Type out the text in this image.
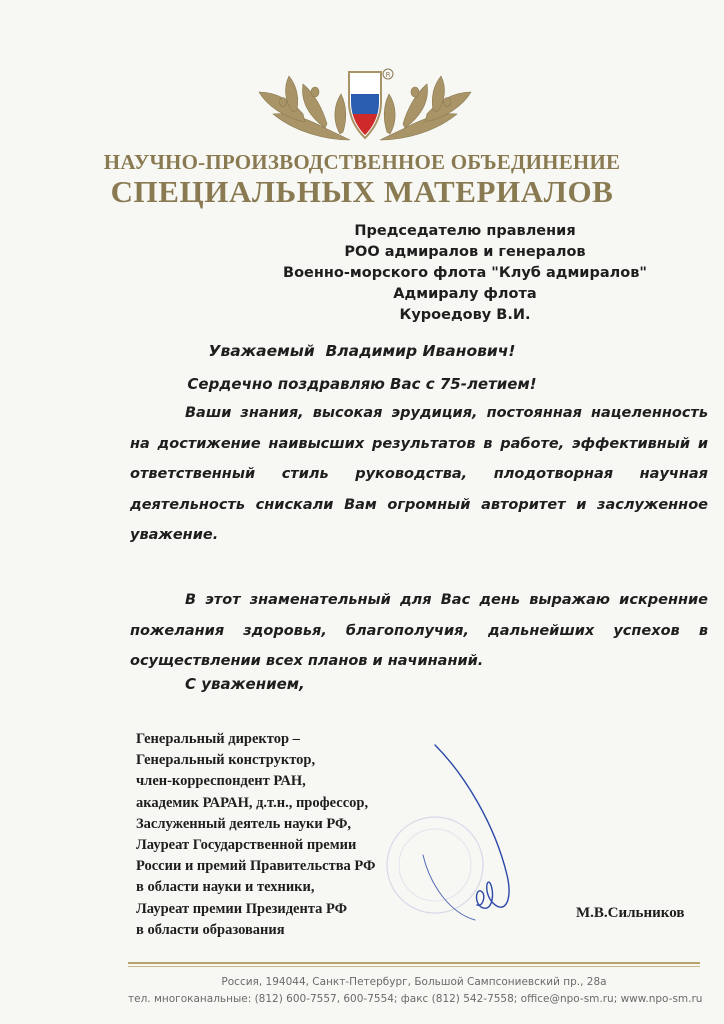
R
НАУЧНО-ПРОИЗВОДСТВЕННОЕ ОБЪЕДИНЕНИЕ
СПЕЦИАЛЬНЫХ МАТЕРИАЛОВ
Председателю правления
РОО адмиралов и генералов
Военно-морского флота "Клуб адмиралов"
Адмиралу флота
Куроедову В.И.
Уважаемый  Владимир Иванович!
Сердечно поздравляю Вас с 75-летием!

Ваши знания, высокая эрудиция, постоянная нацеленность на достижение наивысших результатов в работе, эффективный и ответственный стиль руководства, плодотворная научная деятельность снискали Вам огромный авторитет и заслуженное уважение.

В этот знаменательный для Вас день выражаю искренние пожелания здоровья, благополучия, дальнейших успехов в осуществлении всех планов и начинаний.

С уважением,
Генеральный директор –
Генеральный конструктор,
член-корреспондент РАН,
академик РАРАН, д.т.н., профессор,
Заслуженный деятель науки РФ,
Лауреат Государственной премии
России и премий Правительства РФ
в области науки и техники,
Лауреат премии Президента РФ
в области образования
М.В.Сильников
Россия, 194044, Санкт-Петербург, Большой Сампсониевский пр., 28а
тел. многоканальные: (812) 600-7557, 600-7554; факс (812) 542-7558; office@npo-sm.ru; www.npo-sm.ru
